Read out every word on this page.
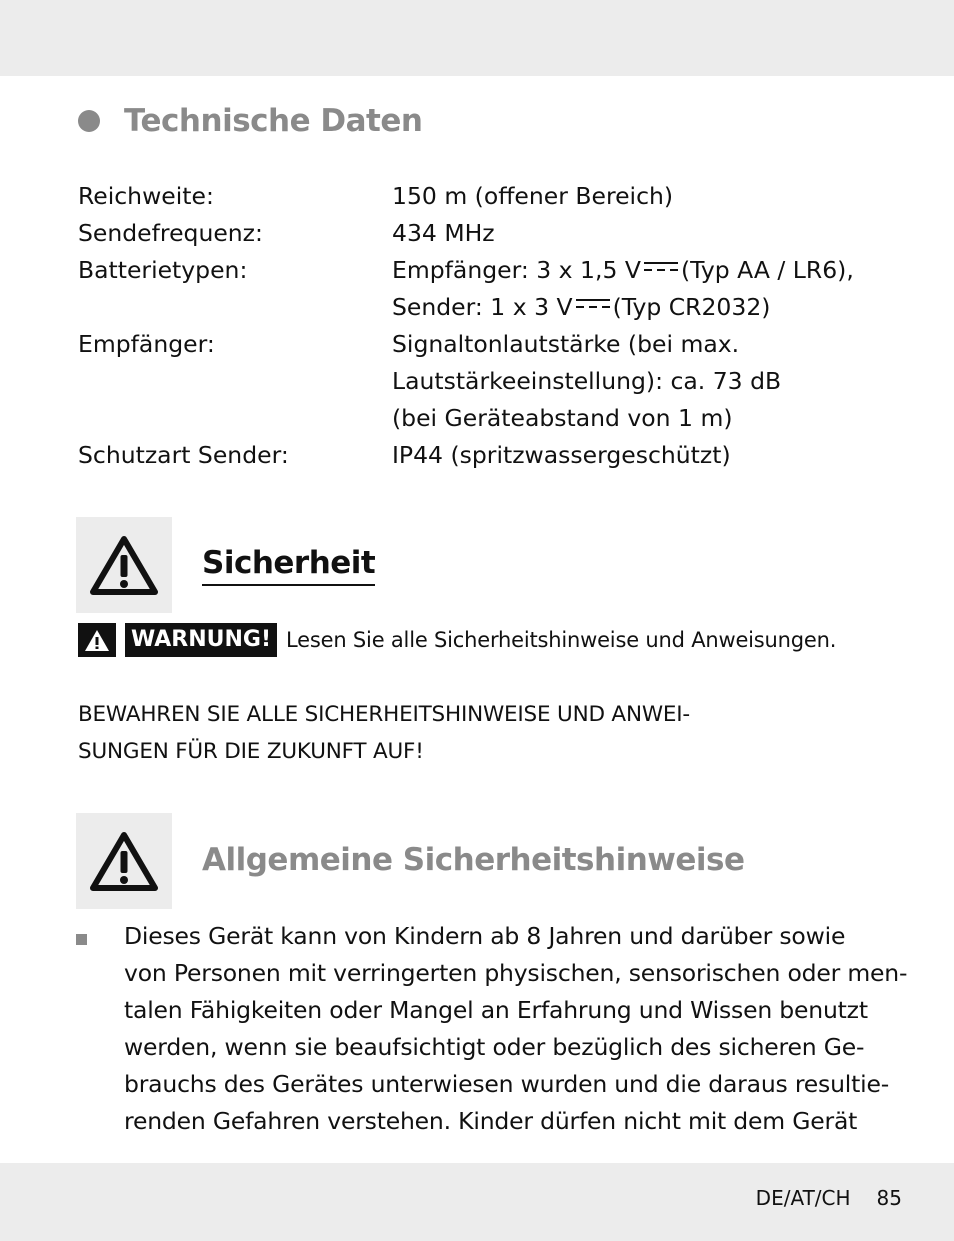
Technische Daten
Reichweite:	150 m (offener Bereich)
Sendefrequenz:	434 MHz
Batterietypen:	Empfänger: 3 x 1,5 V (Typ AA / LR6),
Sender: 1 x 3 V (Typ CR2032)
Empfänger:	Signaltonlautstärke (bei max.
Lautstärkeeinstellung): ca. 73 dB
(bei Geräteabstand von 1 m)
Schutzart Sender:	IP44 (spritzwassergeschützt)
Sicherheit
WARNUNG! Lesen Sie alle Sicherheitshinweise und Anweisungen.
BEWAHREN SIE ALLE SICHERHEITSHINWEISE UND ANWEI-
SUNGEN FÜR DIE ZUKUNFT AUF!
Allgemeine Sicherheitshinweise
Dieses Gerät kann von Kindern ab 8 Jahren und darüber sowie
von Personen mit verringerten physischen, sensorischen oder men-
talen Fähigkeiten oder Mangel an Erfahrung und Wissen benutzt
werden, wenn sie beaufsichtigt oder bezüglich des sicheren Ge-
brauchs des Gerätes unterwiesen wurden und die daraus resultie-
renden Gefahren verstehen. Kinder dürfen nicht mit dem Gerät
DE/AT/CH 85
